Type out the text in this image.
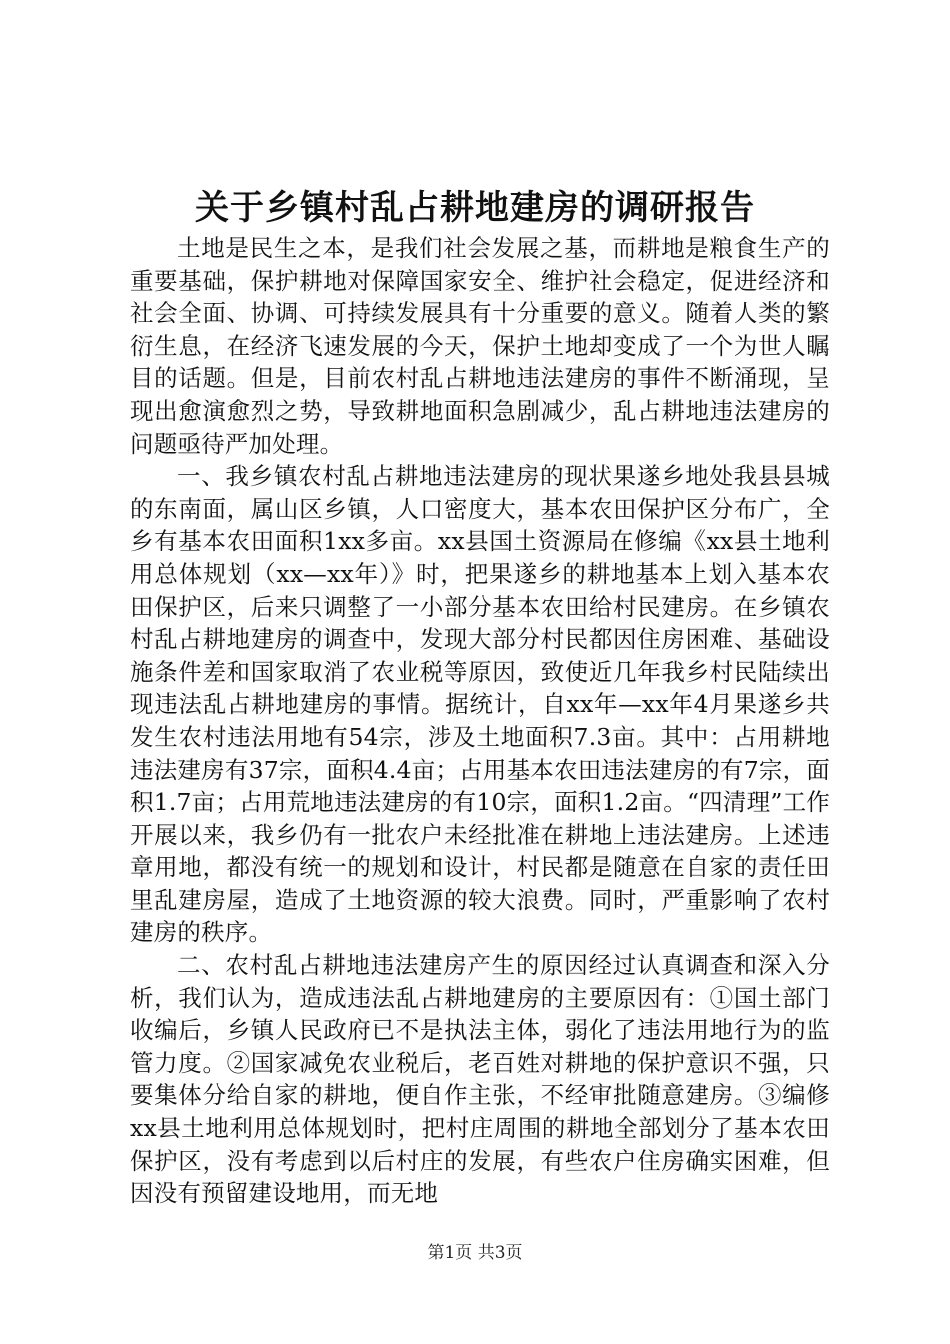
关于乡镇村乱占耕地建房的调研报告

土地是民生之本，是我们社会发展之基，而耕地是粮食生产的重要基础，保护耕地对保障国家安全、维护社会稳定，促进经济和社会全面、协调、可持续发展具有十分重要的意义。随着人类的繁衍生息，在经济飞速发展的今天，保护土地却变成了一个为世人瞩目的话题。但是，目前农村乱占耕地违法建房的事件不断涌现，呈现出愈演愈烈之势，导致耕地面积急剧减少，乱占耕地违法建房的问题亟待严加处理。

一、我乡镇农村乱占耕地违法建房的现状果遂乡地处我县县城的东南面，属山区乡镇，人口密度大，基本农田保护区分布广，全乡有基本农田面积1xx多亩。xx县国土资源局在修编《xx县土地利用总体规划（xx—xx年）》时，把果遂乡的耕地基本上划入基本农田保护区，后来只调整了一小部分基本农田给村民建房。在乡镇农村乱占耕地建房的调查中，发现大部分村民都因住房困难、基础设施条件差和国家取消了农业税等原因，致使近几年我乡村民陆续出现违法乱占耕地建房的事情。据统计，自xx年—xx年4月果遂乡共发生农村违法用地有54宗，涉及土地面积7.3亩。其中：占用耕地违法建房有37宗，面积4.4亩；占用基本农田违法建房的有7宗，面积1.7亩；占用荒地违法建房的有10宗，面积1.2亩。“四清理”工作开展以来，我乡仍有一批农户未经批准在耕地上违法建房。上述违章用地，都没有统一的规划和设计，村民都是随意在自家的责任田里乱建房屋，造成了土地资源的较大浪费。同时，严重影响了农村建房的秩序。

二、农村乱占耕地违法建房产生的原因经过认真调查和深入分析，我们认为，造成违法乱占耕地建房的主要原因有：①国土部门收编后，乡镇人民政府已不是执法主体，弱化了违法用地行为的监管力度。②国家减免农业税后，老百姓对耕地的保护意识不强，只要集体分给自家的耕地，便自作主张，不经审批随意建房。③编修xx县土地利用总体规划时，把村庄周围的耕地全部划分了基本农田保护区，没有考虑到以后村庄的发展，有些农户住房确实困难，但因没有预留建设地用，而无地

第1页 共3页
